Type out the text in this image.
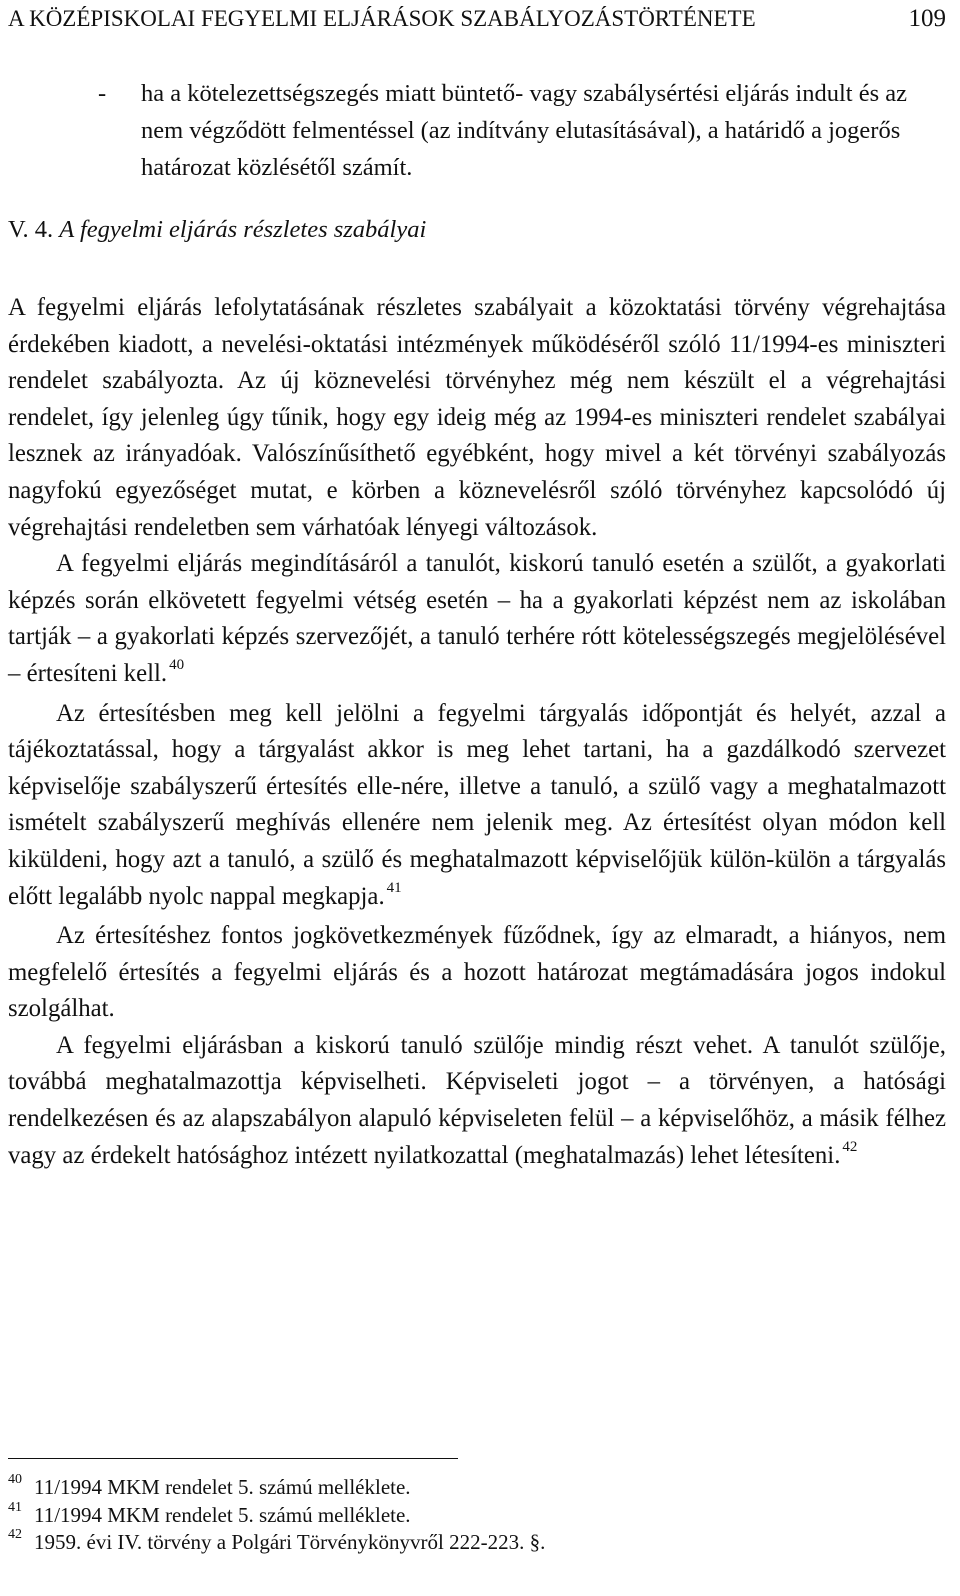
A KÖZÉPISKOLAI FEGYELMI ELJÁRÁSOK SZABÁLYOZÁSTÖRTÉNETE	109
- ha a kötelezettségszegés miatt büntető- vagy szabálysértési eljárás indult és az nem végződött felmentéssel (az indítvány elutasításával), a határidő a jogerős határozat közlésétől számít.
V. 4. A fegyelmi eljárás részletes szabályai

A fegyelmi eljárás lefolytatásának részletes szabályait a közoktatási törvény végrehajtása érdekében kiadott, a nevelési-oktatási intézmények működéséről szóló 11/1994-es miniszteri rendelet szabályozta. Az új köznevelési törvényhez még nem készült el a végrehajtási rendelet, így jelenleg úgy tűnik, hogy egy ideig még az 1994-es miniszteri rendelet szabályai lesznek az irányadóak. Valószínűsíthető egyébként, hogy mivel a két törvényi szabályozás nagyfokú egyezőséget mutat, e körben a köznevelésről szóló törvényhez kapcsolódó új végrehajtási rendeletben sem várhatóak lényegi változások.

A fegyelmi eljárás megindításáról a tanulót, kiskorú tanuló esetén a szülőt, a gyakorlati képzés során elkövetett fegyelmi vétség esetén – ha a gyakorlati képzést nem az iskolában tartják – a gyakorlati képzés szervezőjét, a tanuló terhére rótt kötelességszegés megjelölésével – értesíteni kell. $^{40}$

Az értesítésben meg kell jelölni a fegyelmi tárgyalás időpontját és helyét, azzal a tájékoztatással, hogy a tárgyalást akkor is meg lehet tartani, ha a gazdálkodó szervezet képviselője szabályszerű értesítés elle-nére, illetve a tanuló, a szülő vagy a meghatalmazott ismételt szabályszerű meghívás ellenére nem jelenik meg. Az értesítést olyan módon kell kiküldeni, hogy azt a tanuló, a szülő és meghatalmazott képviselőjük külön-külön a tárgyalás előtt legalább nyolc nappal megkapja. $^{41}$

Az értesítéshez fontos jogkövetkezmények fűződnek, így az elmaradt, a hiányos, nem megfelelő értesítés a fegyelmi eljárás és a hozott határozat megtámadására jogos indokul szolgálhat.

A fegyelmi eljárásban a kiskorú tanuló szülője mindig részt vehet. A tanulót szülője, továbbá meghatalmazottja képviselheti. Képviseleti jogot – a törvényen, a hatósági rendelkezésen és az alapszabályon alapuló képviseleten felül – a képviselőhöz, a másik félhez vagy az érdekelt hatósághoz intézett nyilatkozattal (meghatalmazás) lehet létesíteni. $^{42}$

40 11/1994 MKM rendelet 5. számú melléklete.
41 11/1994 MKM rendelet 5. számú melléklete.
42 1959. évi IV. törvény a Polgári Törvénykönyvről 222-223. §.
